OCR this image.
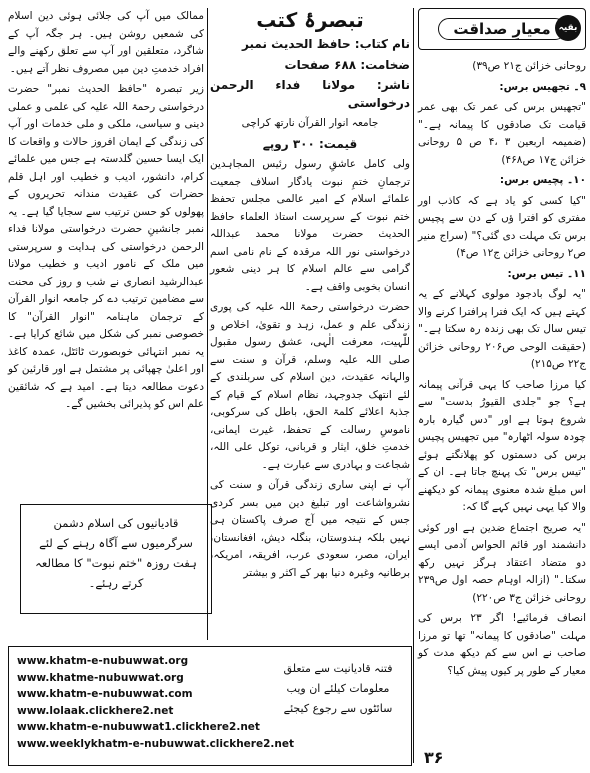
بقیہ
معیارِ صداقت

روحانی خزائن ج۲۱ ص۳۹)

۹۔ تجھیس برس:

"تجھیس برس کی عمر تک بھی عمر قیامت تک صادقوں کا پیمانہ ہے۔" (ضمیمہ اربعین ۳ ،۴ ص ۵ روحانی خزائن ج۱۷ ص۴۶۸)

۱۰۔ پچیس برس:

"کیا کسی کو یاد ہے کہ کاذب اور مفتری کو افترا ؤں کے دن سے پچیس برس تک مہلت دی گئی؟" (سراج منیر ص۲ روحانی خزائن ج۱۲ ص۴)

۱۱۔ تیس برس:

"یہ لوگ بادجود مولوی کہلانے کے یہ کہتے ہیں کہ ایک فترا پرافترا کرنے والا تیس سال تک بھی زندہ رہ سکتا ہے۔" (حقیقت الوحی ص۲۰۶ روحانی خزائن ج۲۲ ص۲۱۵)

کیا مرزا صاحب کا یہی قرآنی پیمانہ ہے؟ جو "جلدی القیورُ بدست" سے شروع ہوتا ہے اور "دس گیارہ بارہ چودہ سولہ اٹھارہ" میں تجھیس پچیس برس کی دسمتوں کو پھلانگتے ہوئے "تیس برس" تک پہنچ جاتا ہے۔ ان کے اس مبلغ شدہ معنوی پیمانہ کو دیکھنے والا کیا یہی نہیں کہے گا کہ:

"یہ صریح اجتماع ضدین ہے اور کوئی دانشمند اور قائم الحواس آدمی ایسے دو متضاد اعتقاد ہرگز نہیں رکھ سکتا۔" (ازالہ اوہام حصہ اول ص۲۳۹ روحانی خزائن ج۳ ص۲۲۰)

انصاف فرمائیے! اگر ۲۳ برس کی مہلت "صادقوں کا پیمانہ" تھا تو مرزا صاحب نے اس سے کم دیکھ مدت کو معیار کے طور پر کیوں پیش کیا؟

۳۶
تبصرۂ کتب

نام کتاب: حافظ الحدیث نمبر

ضخامت: ۶۸۸ صفحات

ناشر: مولانا فداء الرحمن درخواستی

جامعہ انوار القرآن نارتھ کراچی

قیمت: ۳۰۰ روپے

ولی کامل عاشقِ رسول رئیس المجاہدین ترجمانِ ختمِ نبوت یادگار اسلاف جمعیت علمائے اسلام کے امیر عالمی مجلس تحفظ ختم نبوت کے سرپرست استاذ العلماء حافظ الحدیث حضرت مولانا محمد عبداللہ درخواستی نور اللہ مرقدہ کے نام نامی اسم گرامی سے عالم اسلام کا ہر دینی شعور انسان بخوبی واقف ہے۔

حضرت درخواستی رحمۃ اللہ علیہ کی پوری زندگی علم و عمل، زہد و تقویٰ، اخلاص و للّٰہیت، معرفت الٰہی، عشق رسول مقبول صلی اللہ علیہ وسلم، قرآن و سنت سے والہانہ عقیدت، دین اسلام کی سربلندی کے لئے انتھک جدوجہد، نظام اسلام کے قیام کے جذبۂ اعلائے کلمۃ الحق، باطل کی سرکوبی، ناموسِ رسالت کے تحفظ، غیرت ایمانی، خدمتِ خلق، ایثار و قربانی، توکل علی اللہ، شجاعت و بہادری سے عبارت ہے۔

آپ نے اپنی ساری زندگی قرآن و سنت کی نشرواشاعت اور تبلیغ دین میں بسر کردی جس کے نتیجہ میں آج صرف پاکستان ہی نہیں بلکہ ہندوستان، بنگلہ دیش، افغانستان، ایران، مصر، سعودی عرب، افریقہ، امریکہ، برطانیہ وغیرہ دنیا بھر کے اکثر و بیشتر

ممالک میں آپ کی جلائی ہوئی دین اسلام کی شمعیں روشن ہیں۔ ہر جگہ آپ کے شاگرد، متعلقین اور آپ سے تعلق رکھنے والے افراد خدمتِ دین میں مصروف نظر آتے ہیں۔

زیر تبصرہ "حافظ الحدیث نمبر" حضرت درخواستی رحمۃ اللہ علیہ کی علمی و عملی دینی و سیاسی، ملکی و ملی خدمات اور آپ کی زندگی کے ایمان افروز حالات و واقعات کا ایک ایسا حسین گلدستہ ہے جس میں علمائے کرام، دانشور، ادیب و خطیب اور اہل قلم حضرات کی عقیدت مندانہ تحریروں کے پھولوں کو حسن ترتیب سے سجایا گیا ہے۔ یہ نمبر جانشینِ حضرت درخواستی مولانا فداء الرحمن درخواستی کی ہدایت و سرپرستی میں ملک کے نامور ادیب و خطیب مولانا عبدالرشید انصاری نے شب و روز کی محنت سے مضامین ترتیب دے کر جامعہ انوار القرآن کے ترجمان ماہنامہ "انوار القرآن" کا خصوصی نمبر کی شکل میں شائع کرایا ہے۔ یہ نمبر انتہائی خوبصورت ٹائٹل، عمدہ کاغذ اور اعلیٰ چھپائی پر مشتمل ہے اور قارئین کو دعوت مطالعہ دیتا ہے۔ امید ہے کہ شائقین علم اس کو پذیرائی بخشیں گے۔

قادیانیوں کی اسلام دشمن سرگرمیوں سے آگاہ رہنے کے لئے ہفت روزہ "ختم نبوت" کا مطالعہ کرتے رہئے۔
www.khatm-e-nubuwwat.org
www.khatme-nubuwwat.org
www.khatm-e-nubuwwat.com
www.lolaak.clickhere2.net
www.khatm-e-nubuwwat1.clickhere2.net
www.weeklykhatm-e-nubuwwat.clickhere2.net
فتنہ قادیانیت سے متعلق معلومات کیلئے ان ویب سائٹوں سے رجوع کیجئے
